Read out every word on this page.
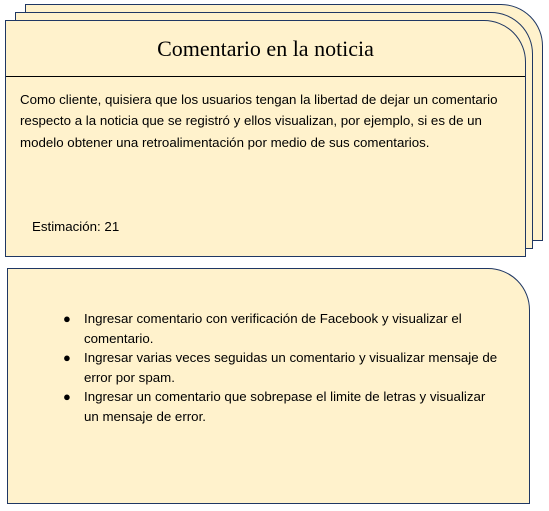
Comentario en la noticia
Como cliente, quisiera que los usuarios tengan la libertad de dejar un comentario respecto a la noticia que se registró y ellos visualizan, por ejemplo, si es de un modelo obtener una retroalimentación por medio de sus comentarios.
Estimación: 21
● Ingresar comentario con verificación de Facebook y visualizar el comentario.
● Ingresar varias veces seguidas un comentario y visualizar mensaje de error por spam.
● Ingresar un comentario que sobrepase el limite de letras y visualizar un mensaje de error.
